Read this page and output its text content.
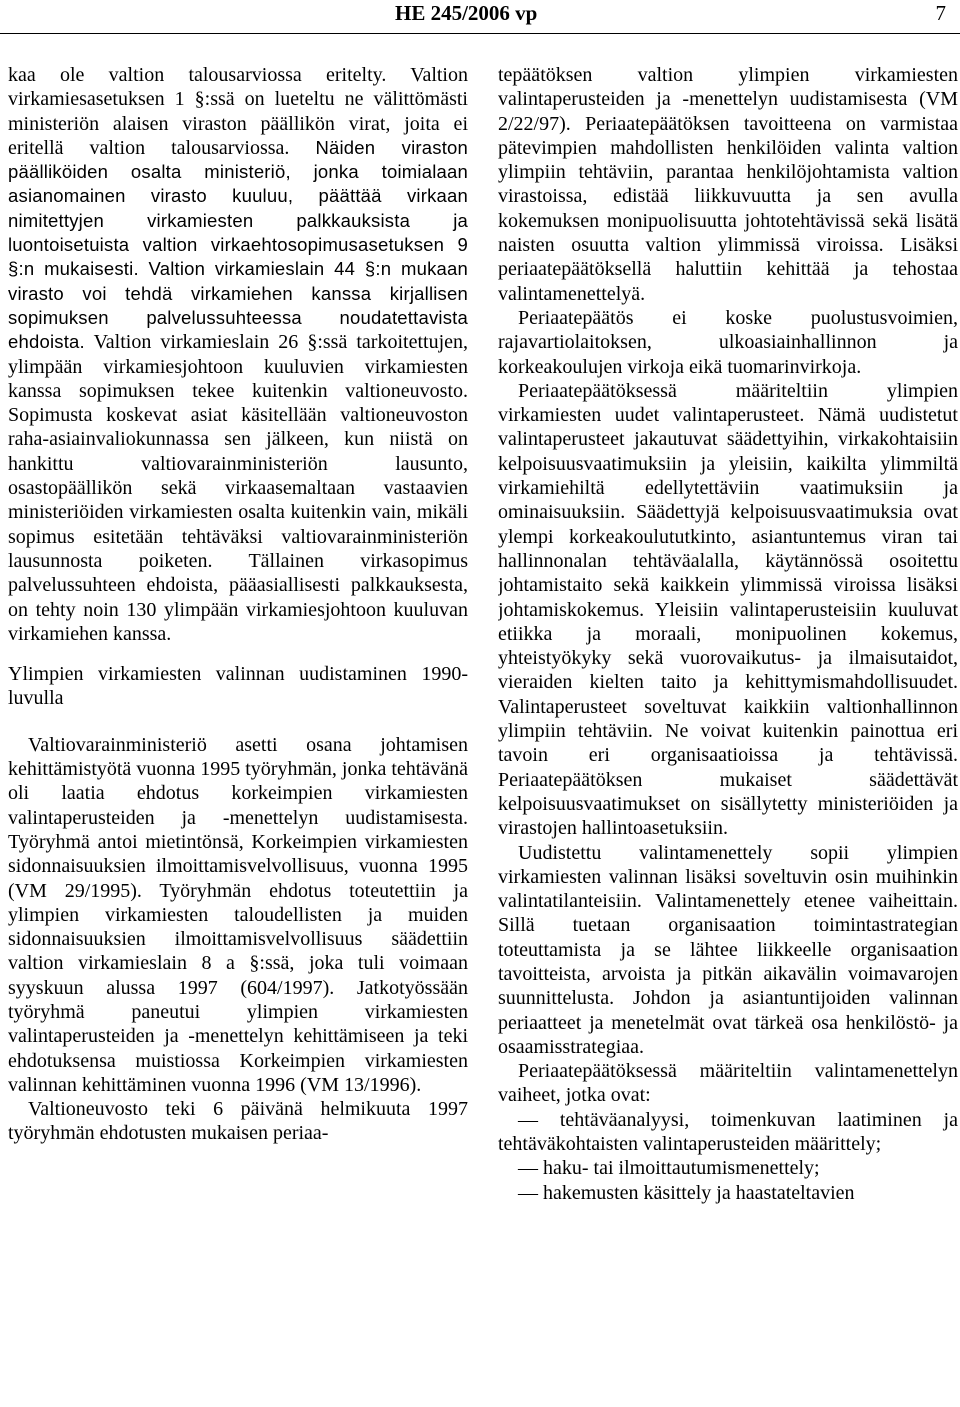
HE 245/2006 vp	7

kaa ole valtion talousarviossa eritelty. Valtion virkamiesasetuksen 1 §:ssä on lueteltu ne välittömästi ministeriön alaisen viraston päällikön virat, joita ei eritellä valtion talousarviossa. Näiden viraston päälliköiden osalta ministeriö, jonka toimialaan asianomainen virasto kuuluu, päättää virkaan nimitettyjen virkamiesten palkkauksista ja luontoisetuista valtion virkaehtosopimusasetuksen 9 §:n mukaisesti. Valtion virkamieslain 44 §:n mukaan virasto voi tehdä virkamiehen kanssa kirjallisen sopimuksen palvelussuhteessa noudatettavista ehdoista. Valtion virkamieslain 26 §:ssä tarkoitettujen, ylimpään virkamiesjohtoon kuuluvien virkamiesten kanssa sopimuksen tekee kuitenkin valtioneuvosto. Sopimusta koskevat asiat käsitellään valtioneuvoston raha-asiainvaliokunnassa sen jälkeen, kun niistä on hankittu valtiovarainministeriön lausunto, osastopäällikön sekä virkaasemaltaan vastaavien ministeriöiden virkamiesten osalta kuitenkin vain, mikäli sopimus esitetään tehtäväksi valtiovarainministeriön lausunnosta poiketen. Tällainen virkasopimus palvelussuhteen ehdoista, pääasiallisesti palkkauksesta, on tehty noin 130 ylimpään virkamiesjohtoon kuuluvan virkamiehen kanssa.

Ylimpien virkamiesten valinnan uudistaminen 1990-luvulla

Valtiovarainministeriö asetti osana johtamisen kehittämistyötä vuonna 1995 työryhmän, jonka tehtävänä oli laatia ehdotus korkeimpien virkamiesten valintaperusteiden ja -menettelyn uudistamisesta. Työryhmä antoi mietintönsä, Korkeimpien virkamiesten sidonnaisuuksien ilmoittamisvelvollisuus, vuonna 1995 (VM 29/1995). Työryhmän ehdotus toteutettiin ja ylimpien virkamiesten taloudellisten ja muiden sidonnaisuuksien ilmoittamisvelvollisuus säädettiin valtion virkamieslain 8 a §:ssä, joka tuli voimaan syyskuun alussa 1997 (604/1997). Jatkotyössään työryhmä paneutui ylimpien virkamiesten valintaperusteiden ja -menettelyn kehittämiseen ja teki ehdotuksensa muistiossa Korkeimpien virkamiesten valinnan kehittäminen vuonna 1996 (VM 13/1996).

Valtioneuvosto teki 6 päivänä helmikuuta 1997 työryhmän ehdotusten mukaisen periaa-

tepäätöksen valtion ylimpien virkamiesten valintaperusteiden ja -menettelyn uudistamisesta (VM 2/22/97). Periaatepäätöksen tavoitteena on varmistaa pätevimpien mahdollisten henkilöiden valinta valtion ylimpiin tehtäviin, parantaa henkilöjohtamista valtion virastoissa, edistää liikkuvuutta ja sen avulla kokemuksen monipuolisuutta johtotehtävissä sekä lisätä naisten osuutta valtion ylimmissä viroissa. Lisäksi periaatepäätöksellä haluttiin kehittää ja tehostaa valintamenettelyä.

Periaatepäätös ei koske puolustusvoimien, rajavartiolaitoksen, ulkoasiainhallinnon ja korkeakoulujen virkoja eikä tuomarinvirkoja.

Periaatepäätöksessä määriteltiin ylimpien virkamiesten uudet valintaperusteet. Nämä uudistetut valintaperusteet jakautuvat säädettyihin, virkakohtaisiin kelpoisuusvaatimuksiin ja yleisiin, kaikilta ylimmiltä virkamiehiltä edellytettäviin vaatimuksiin ja ominaisuuksiin. Säädettyjä kelpoisuusvaatimuksia ovat ylempi korkeakoulututkinto, asiantuntemus viran tai hallinnonalan tehtäväalalla, käytännössä osoitettu johtamistaito sekä kaikkein ylimmissä viroissa lisäksi johtamiskokemus. Yleisiin valintaperusteisiin kuuluvat etiikka ja moraali, monipuolinen kokemus, yhteistyökyky sekä vuorovaikutus- ja ilmaisutaidot, vieraiden kielten taito ja kehittymismahdollisuudet. Valintaperusteet soveltuvat kaikkiin valtionhallinnon ylimpiin tehtäviin. Ne voivat kuitenkin painottua eri tavoin eri organisaatioissa ja tehtävissä. Periaatepäätöksen mukaiset säädettävät kelpoisuusvaatimukset on sisällytetty ministeriöiden ja virastojen hallintoasetuksiin.

Uudistettu valintamenettely sopii ylimpien virkamiesten valinnan lisäksi soveltuvin osin muihinkin valintatilanteisiin. Valintamenettely etenee vaiheittain. Sillä tuetaan organisaation toimintastrategian toteuttamista ja se lähtee liikkeelle organisaation tavoitteista, arvoista ja pitkän aikavälin voimavarojen suunnittelusta. Johdon ja asiantuntijoiden valinnan periaatteet ja menetelmät ovat tärkeä osa henkilöstö- ja osaamisstrategiaa.

Periaatepäätöksessä määriteltiin valintamenettelyn vaiheet, jotka ovat:

— tehtäväanalyysi, toimenkuvan laatiminen ja tehtäväkohtaisten valintaperusteiden määrittely;

— haku- tai ilmoittautumismenettely;

— hakemusten käsittely ja haastateltavien
